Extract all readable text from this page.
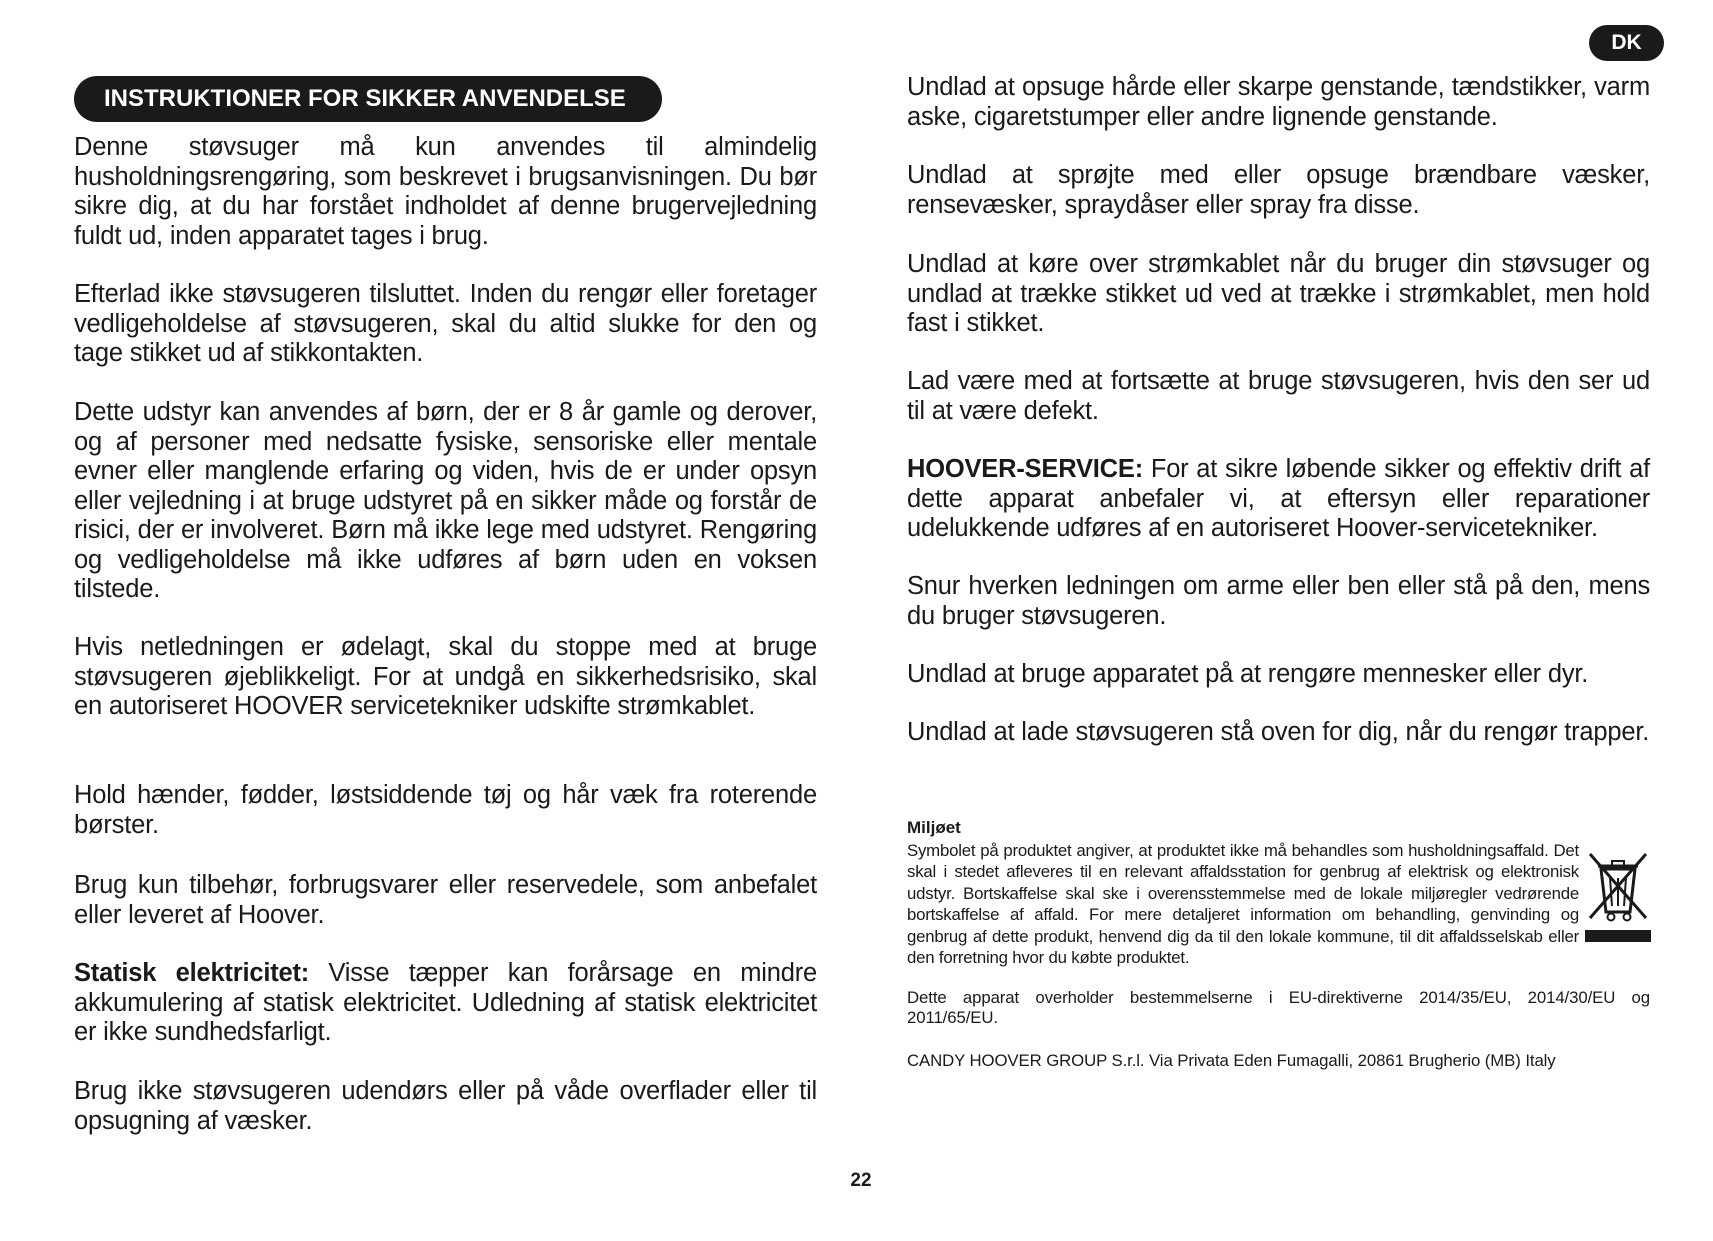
DK
INSTRUKTIONER FOR SIKKER ANVENDELSE

Denne støvsuger må kun anvendes til almindelig husholdningsrengøring, som beskrevet i brugsanvisningen. Du bør sikre dig, at du har forstået indholdet af denne brugervejledning fuldt ud, inden apparatet tages i brug.

Efterlad ikke støvsugeren tilsluttet. Inden du rengør eller foretager vedligeholdelse af støvsugeren, skal du altid slukke for den og tage stikket ud af stikkontakten.

Dette udstyr kan anvendes af børn, der er 8 år gamle og derover, og af personer med nedsatte fysiske, sensoriske eller mentale evner eller manglende erfaring og viden, hvis de er under opsyn eller vejledning i at bruge udstyret på en sikker måde og forstår de risici, der er involveret. Børn må ikke lege med udstyret. Rengøring og vedligeholdelse må ikke udføres af børn uden en voksen tilstede.

Hvis netledningen er ødelagt, skal du stoppe med at bruge støvsugeren øjeblikkeligt. For at undgå en sikkerhedsrisiko, skal en autoriseret HOOVER servicetekniker udskifte strømkablet.

Hold hænder, fødder, løstsiddende tøj og hår væk fra roterende børster.

Brug kun tilbehør, forbrugsvarer eller reservedele, som anbefalet eller leveret af Hoover.

Statisk elektricitet: Visse tæpper kan forårsage en mindre akkumulering af statisk elektricitet. Udledning af statisk elektricitet er ikke sundhedsfarligt.

Brug ikke støvsugeren udendørs eller på våde overflader eller til opsugning af væsker.

Undlad at opsuge hårde eller skarpe genstande, tændstikker, varm aske, cigaretstumper eller andre lignende genstande.

Undlad at sprøjte med eller opsuge brændbare væsker, rensevæsker, spraydåser eller spray fra disse.

Undlad at køre over strømkablet når du bruger din støvsuger og undlad at trække stikket ud ved at trække i strømkablet, men hold fast i stikket.

Lad være med at fortsætte at bruge støvsugeren, hvis den ser ud til at være defekt.

HOOVER-SERVICE: For at sikre løbende sikker og effektiv drift af dette apparat anbefaler vi, at eftersyn eller reparationer udelukkende udføres af en autoriseret Hoover-servicetekniker.

Snur hverken ledningen om arme eller ben eller stå på den, mens du bruger støvsugeren.

Undlad at bruge apparatet på at rengøre mennesker eller dyr.

Undlad at lade støvsugeren stå oven for dig, når du rengør trapper.

Miljøet

Symbolet på produktet angiver, at produktet ikke må behandles som husholdningsaffald. Det skal i stedet afleveres til en relevant affaldsstation for genbrug af elektrisk og elektronisk udstyr. Bortskaffelse skal ske i overensstemmelse med de lokale miljøregler vedrørende bortskaffelse af affald. For mere detaljeret information om behandling, genvinding og genbrug af dette produkt, henvend dig da til den lokale kommune, til dit affaldsselskab eller den forretning hvor du købte produktet.

Dette apparat overholder bestemmelserne i EU-direktiverne 2014/35/EU, 2014/30/EU og 2011/65/EU.

CANDY HOOVER GROUP S.r.l. Via Privata Eden Fumagalli, 20861 Brugherio (MB) Italy

22
